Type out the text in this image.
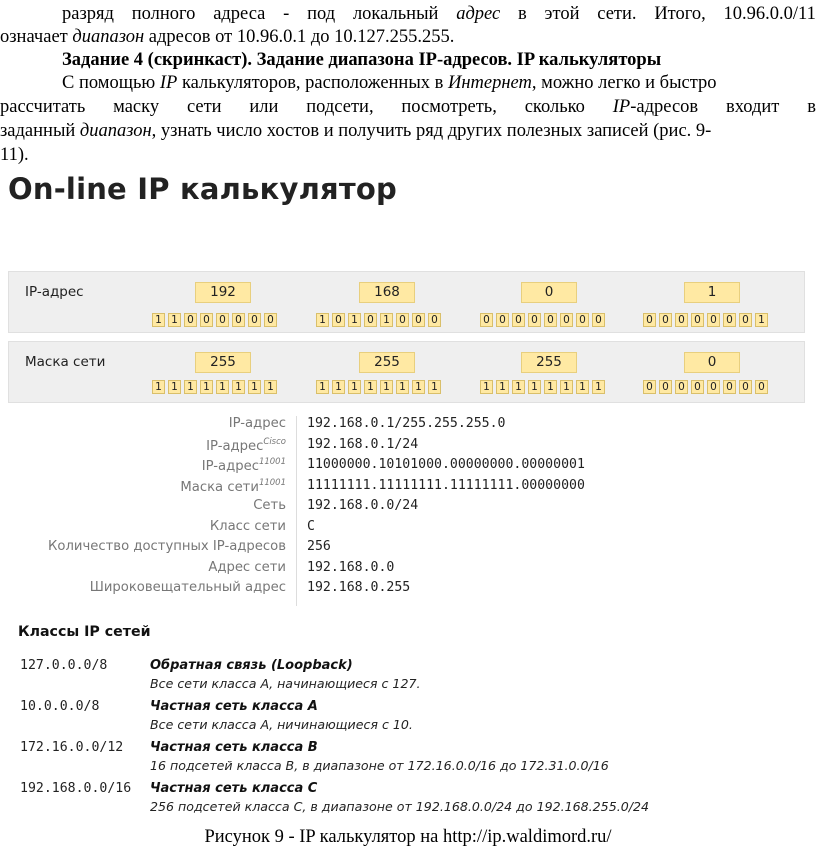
разряд полного адреса - под локальный адрес в этой сети. Итого, 10.96.0.0/11
означает диапазон адресов от 10.96.0.1 до 10.127.255.255.
Задание 4 (скринкаст). Задание диапазона IP-адресов. IP калькуляторы
С помощью IP калькуляторов, расположенных в Интернет, можно легко и быстро
рассчитать маску сети или подсети, посмотреть, сколько IP-адресов входит в
заданный диапазон, узнать число хостов и получить ряд других полезных записей (рис. 9-
11).
On-line IP калькулятор
IP-адрес	192	168	0	1
1 1 0 0 0 0 0 0	1 0 1 0 1 0 0 0	0 0 0 0 0 0 0 0	0 0 0 0 0 0 0 1
Маска сети	255	255	255	0
1 1 1 1 1 1 1 1	1 1 1 1 1 1 1 1	1 1 1 1 1 1 1 1	0 0 0 0 0 0 0 0
IP-адрес 192.168.0.1/255.255.255.0
IP-адрес$^{Cisco}$ 192.168.0.1/24
IP-адрес$^{11001}$ 11000000.10101000.00000000.00000001
Маска сети$^{11001}$ 11111111.11111111.11111111.00000000
Сеть 192.168.0.0/24
Класс сети C
Количество доступных IP-адресов 256
Адрес сети 192.168.0.0
Широковещательный адрес 192.168.0.255
Классы IP сетей
127.0.0.0/8	Обратная связь (Loopback)
Все сети класса А, начинающиеся с 127.
10.0.0.0/8	Частная сеть класса А
Все сети класса А, ничинающиеся с 10.
172.16.0.0/12 Частная сеть класса B
16 подсетей класса B, в диапазоне от 172.16.0.0/16 до 172.31.0.0/16
192.168.0.0/16 Частная сеть класса C
256 подсетей класса C, в диапазоне от 192.168.0.0/24 до 192.168.255.0/24
Рисунок 9 - IP калькулятор на http://ip.waldimord.ru/
